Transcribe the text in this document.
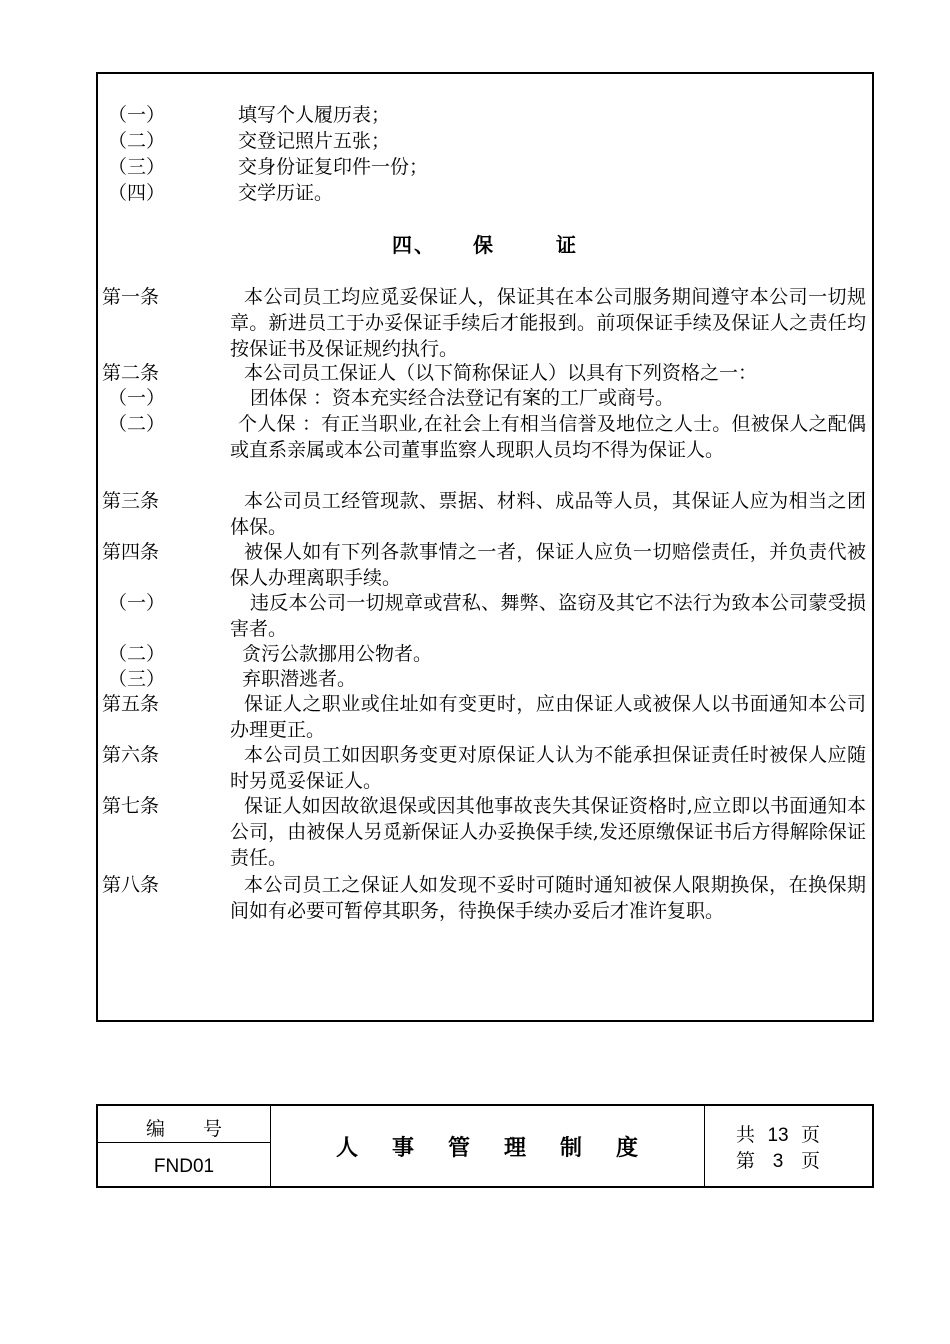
（一）	填写个人履历表；
（二）	交登记照片五张；
（三）	交身份证复印件一份；
（四）	交学历证。
四、 保	证
第一条	本公司员工均应觅妥保证人，保证其在本公司服务期间遵守本公司一切规章。新进员工于办妥保证手续后才能报到。前项保证手续及保证人之责任均按保证书及保证规约执行。
第二条	本公司员工保证人（以下简称保证人）以具有下列资格之一：
（一）	团体保 ：资本充实经合法登记有案的工厂或商号。
（二）	个人保 ：有正当职业,在社会上有相当信誉及地位之人士。但被保人之配偶或直系亲属或本公司董事监察人现职人员均不得为保证人。
第三条	本公司员工经管现款、票据、材料、成品等人员，其保证人应为相当之团体保。
第四条	被保人如有下列各款事情之一者，保证人应负一切赔偿责任，并负责代被保人办理离职手续。
（一）	违反本公司一切规章或营私、舞弊、盗窃及其它不法行为致本公司蒙受损害者。
（二）	贪污公款挪用公物者。
（三）	弃职潜逃者。
第五条	保证人之职业或住址如有变更时，应由保证人或被保人以书面通知本公司办理更正。
第六条	本公司员工如因职务变更对原保证人认为不能承担保证责任时被保人应随时另觅妥保证人。
第七条	保证人如因故欲退保或因其他事故丧失其保证资格时,应立即以书面通知本公司，由被保人另觅新保证人办妥换保手续,发还原缴保证书后方得解除保证责任。
第八条	本公司员工之保证人如发现不妥时可随时通知被保人限期换保，在换保期间如有必要可暂停其职务，待换保手续办妥后才准许复职。
编号
FND01
人事管理制度	共 13 页
第 3 页
